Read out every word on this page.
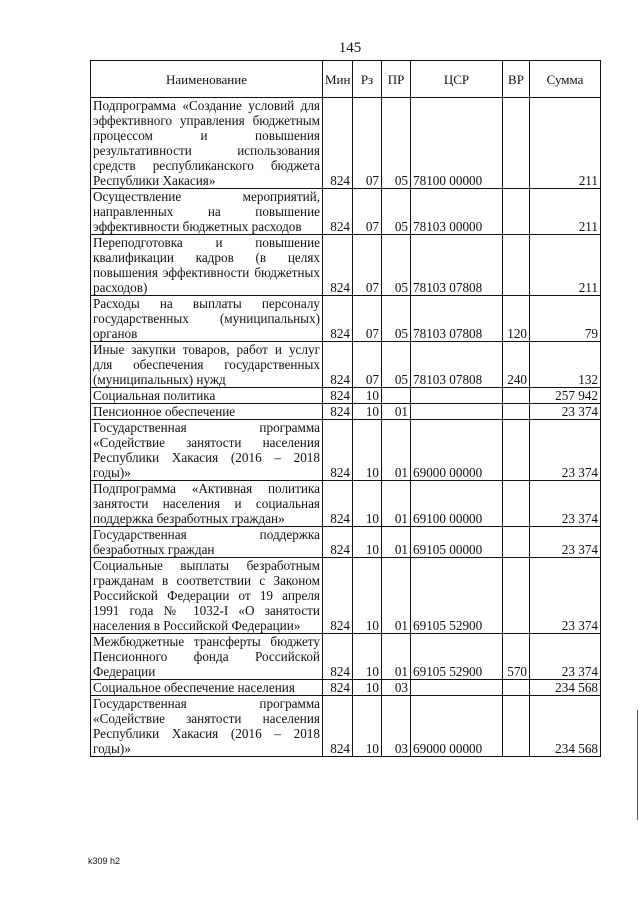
145
Наименование	Мин	Рз	ПР	ЦСР	ВР	Сумма
Подпрограмма «Создание условий для эффективного управления бюджетным процессом и повышения результативности использования средств республиканского бюджета Республики Хакасия»	824	07	05	78100 00000		211
Осуществление мероприятий, направленных на повышение эффективности бюджетных расходов	824	07	05	78103 00000		211
Переподготовка и повышение квалификации кадров (в целях повышения эффективности бюджетных расходов)	824	07	05	78103 07808		211
Расходы на выплаты персоналу государственных (муниципальных) органов	824	07	05	78103 07808	120	79
Иные закупки товаров, работ и услуг для обеспечения государственных (муниципальных) нужд	824	07	05	78103 07808	240	132
Социальная политика	824	10				257 942
Пенсионное обеспечение	824	10	01			23 374
Государственная программа «Содействие занятости населения Республики Хакасия (2016 – 2018 годы)»	824	10	01	69000 00000		23 374
Подпрограмма «Активная политика занятости населения и социальная поддержка безработных граждан»	824	10	01	69100 00000		23 374
Государственная поддержка безработных граждан	824	10	01	69105 00000		23 374
Социальные выплаты безработным гражданам в соответствии с Законом Российской Федерации от 19 апреля 1991 года № 1032-I «О занятости населения в Российской Федерации»	824	10	01	69105 52900		23 374
Межбюджетные трансферты бюджету Пенсионного фонда Российской Федерации	824	10	01	69105 52900	570	23 374
Социальное обеспечение населения	824	10	03			234 568
Государственная программа «Содействие занятости населения Республики Хакасия (2016 – 2018 годы)»	824	10	03	69000 00000		234 568
k309 h2
